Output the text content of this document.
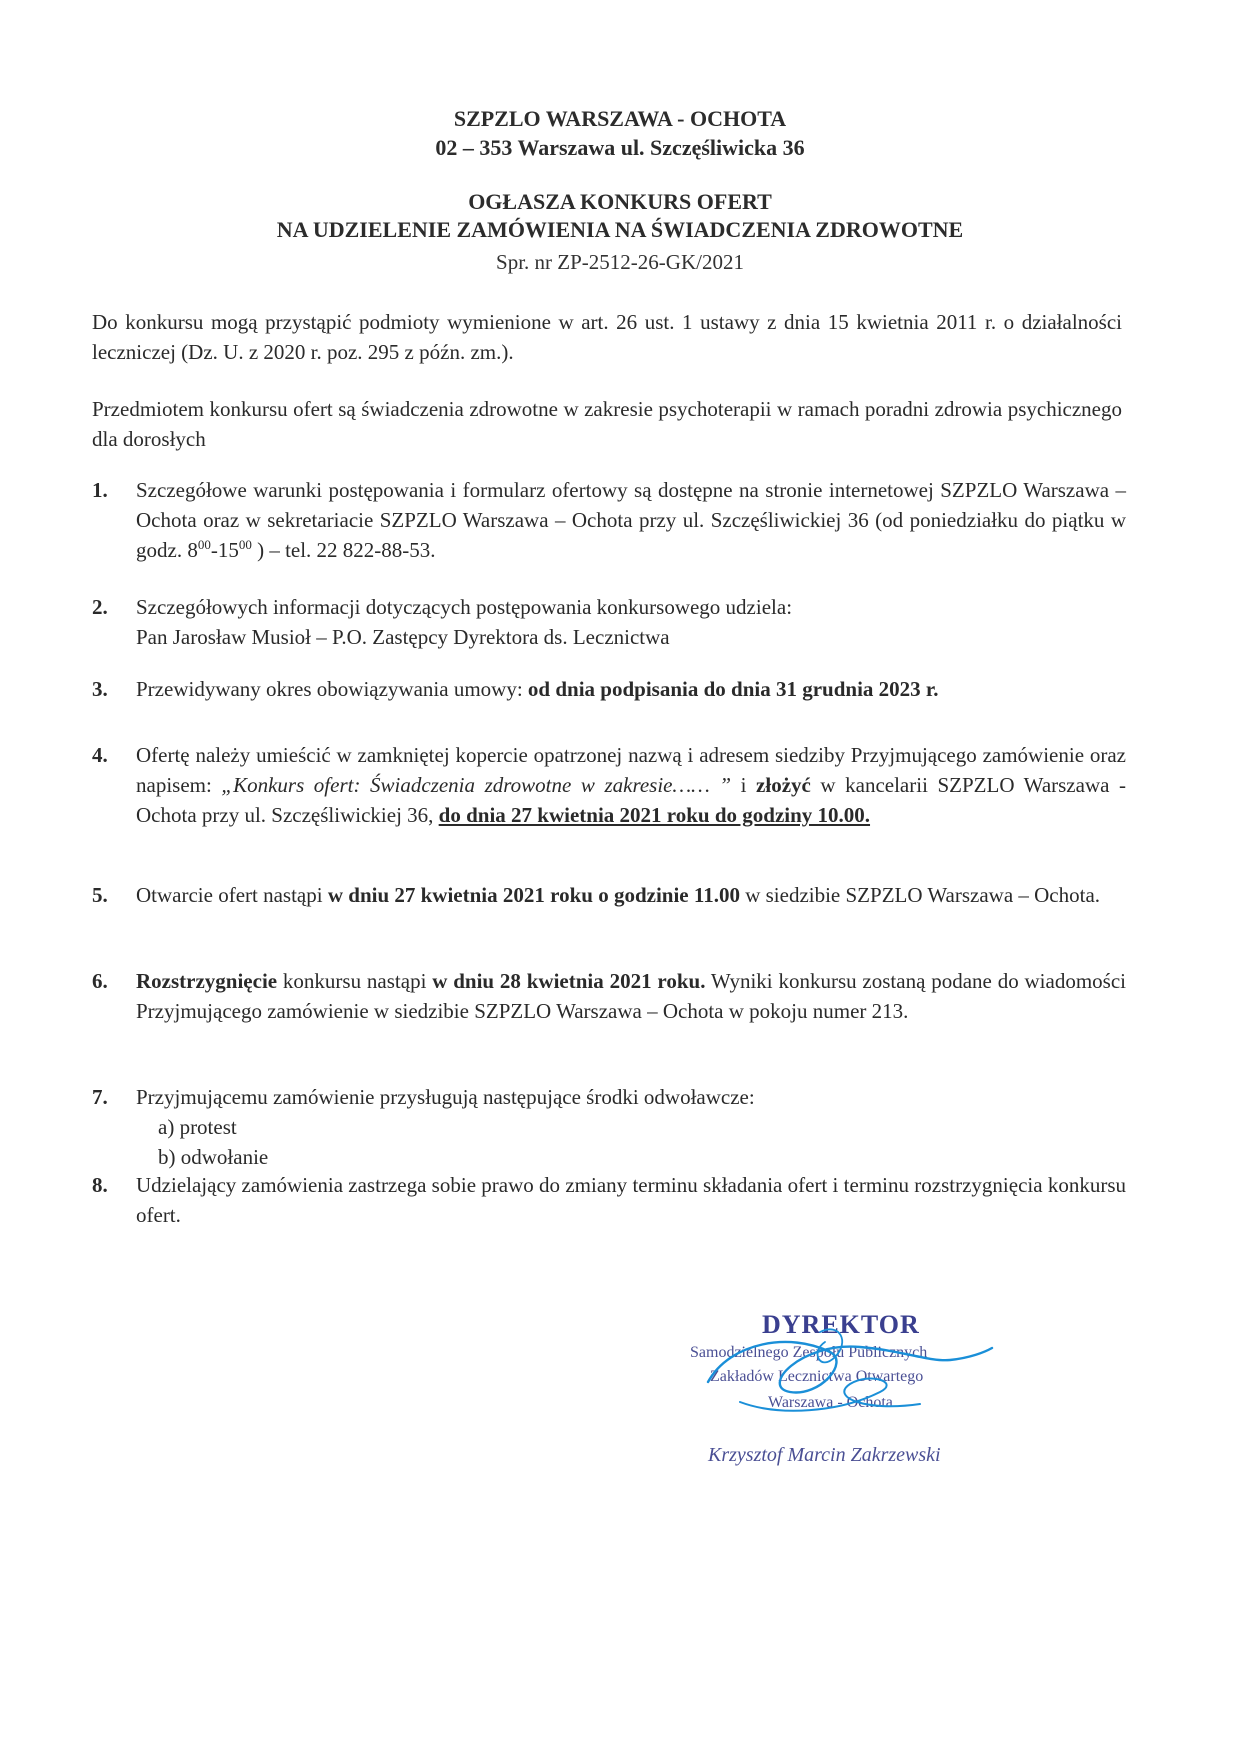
SZPZLO WARSZAWA - OCHOTA
02 – 353 Warszawa ul. Szczęśliwicka 36
OGŁASZA KONKURS OFERT
NA UDZIELENIE ZAMÓWIENIA NA ŚWIADCZENIA ZDROWOTNE
Spr. nr ZP-2512-26-GK/2021
Do konkursu mogą przystąpić podmioty wymienione w art. 26 ust. 1 ustawy z dnia 15 kwietnia 2011 r. o działalności leczniczej (Dz. U. z 2020 r. poz. 295 z późn. zm.).
Przedmiotem konkursu ofert są świadczenia zdrowotne w zakresie psychoterapii w ramach poradni zdrowia psychicznego dla dorosłych
1.	Szczegółowe warunki postępowania i formularz ofertowy są dostępne na stronie internetowej SZPZLO Warszawa – Ochota oraz w sekretariacie SZPZLO Warszawa – Ochota przy ul. Szczęśliwickiej 36 (od poniedziałku do piątku w godz. $8^{00}-15^{00}$ ) – tel. 22 822-88-53.
2.	Szczegółowych informacji dotyczących postępowania konkursowego udziela:
Pan Jarosław Musioł – P.O. Zastępcy Dyrektora ds. Lecznictwa
3.	Przewidywany okres obowiązywania umowy: od dnia podpisania do dnia 31 grudnia 2023 r.
4.	Ofertę należy umieścić w zamkniętej kopercie opatrzonej nazwą i adresem siedziby Przyjmującego zamówienie oraz napisem: „Konkurs ofert: Świadczenia zdrowotne w zakresie…… ” i złożyć w kancelarii SZPZLO Warszawa - Ochota przy ul. Szczęśliwickiej 36, do dnia 27 kwietnia 2021 roku do godziny 10.00.
5.	Otwarcie ofert nastąpi w dniu 27 kwietnia 2021 roku o godzinie 11.00 w siedzibie SZPZLO Warszawa – Ochota.
6.	Rozstrzygnięcie konkursu nastąpi w dniu 28 kwietnia 2021 roku. Wyniki konkursu zostaną podane do wiadomości Przyjmującego zamówienie w siedzibie SZPZLO Warszawa – Ochota w pokoju numer 213.
7.	Przyjmującemu zamówienie przysługują następujące środki odwoławcze:
a) protest
b) odwołanie
8.	Udzielający zamówienia zastrzega sobie prawo do zmiany terminu składania ofert i terminu rozstrzygnięcia konkursu ofert.
DYREKTOR
Samodzielnego Zespołu Publicznych
Zakładów Lecznictwa Otwartego
Warszawa - Ochota
Krzysztof Marcin Zakrzewski
